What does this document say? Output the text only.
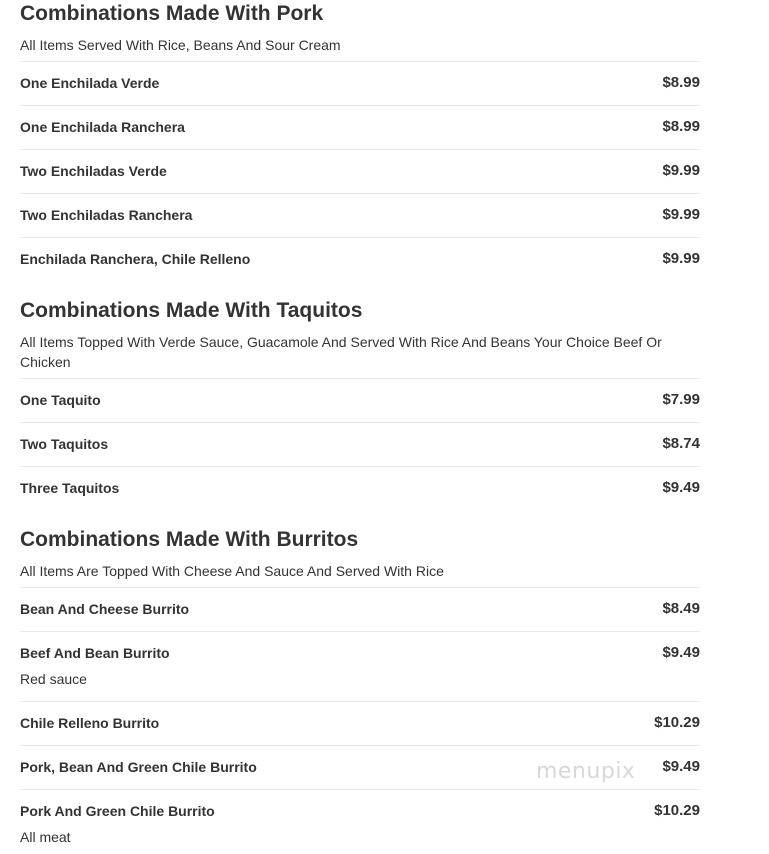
Combinations Made With Pork
All Items Served With Rice, Beans And Sour Cream
One Enchilada Verde	$8.99
One Enchilada Ranchera	$8.99
Two Enchiladas Verde	$9.99
Two Enchiladas Ranchera	$9.99
Enchilada Ranchera, Chile Relleno	$9.99
Combinations Made With Taquitos
All Items Topped With Verde Sauce, Guacamole And Served With Rice And Beans Your Choice Beef Or Chicken
One Taquito	$7.99
Two Taquitos	$8.74
Three Taquitos	$9.49
Combinations Made With Burritos
All Items Are Topped With Cheese And Sauce And Served With Rice
Bean And Cheese Burrito	$8.49
Beef And Bean Burrito	$9.49
Red sauce
Chile Relleno Burrito	$10.29
Pork, Bean And Green Chile Burrito	$9.49
Pork And Green Chile Burrito	$10.29
All meat
menupix
